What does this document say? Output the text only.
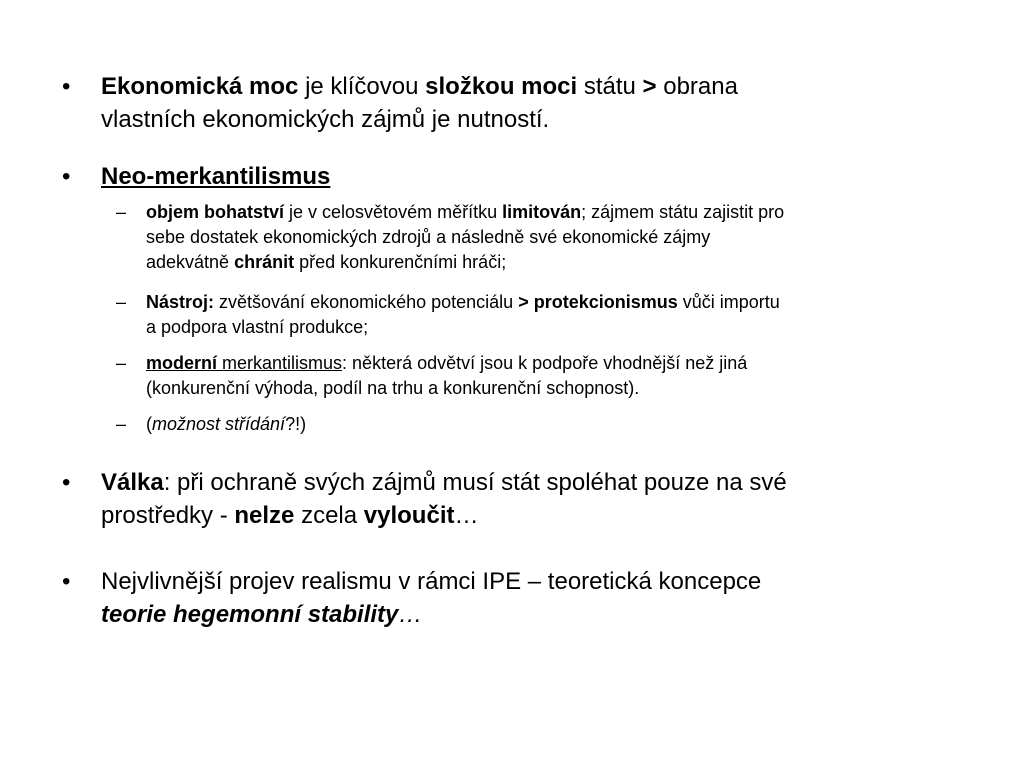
• Ekonomická moc je klíčovou složkou moci státu > obrana
vlastních ekonomických zájmů je nutností.
• Neo-merkantilismus
– objem bohatství je v celosvětovém měřítku limitován; zájmem státu zajistit pro
sebe dostatek ekonomických zdrojů a následně své ekonomické zájmy
adekvátně chránit před konkurenčními hráči;
– Nástroj: zvětšování ekonomického potenciálu > protekcionismus vůči importu
a podpora vlastní produkce;
– moderní merkantilismus: některá odvětví jsou k podpoře vhodnější než jiná
(konkurenční výhoda, podíl na trhu a konkurenční schopnost).
– (možnost střídání?!)
• Válka: při ochraně svých zájmů musí stát spoléhat pouze na své
prostředky - nelze zcela vyloučit…
• Nejvlivnější projev realismu v rámci IPE – teoretická koncepce
teorie hegemonní stability…
